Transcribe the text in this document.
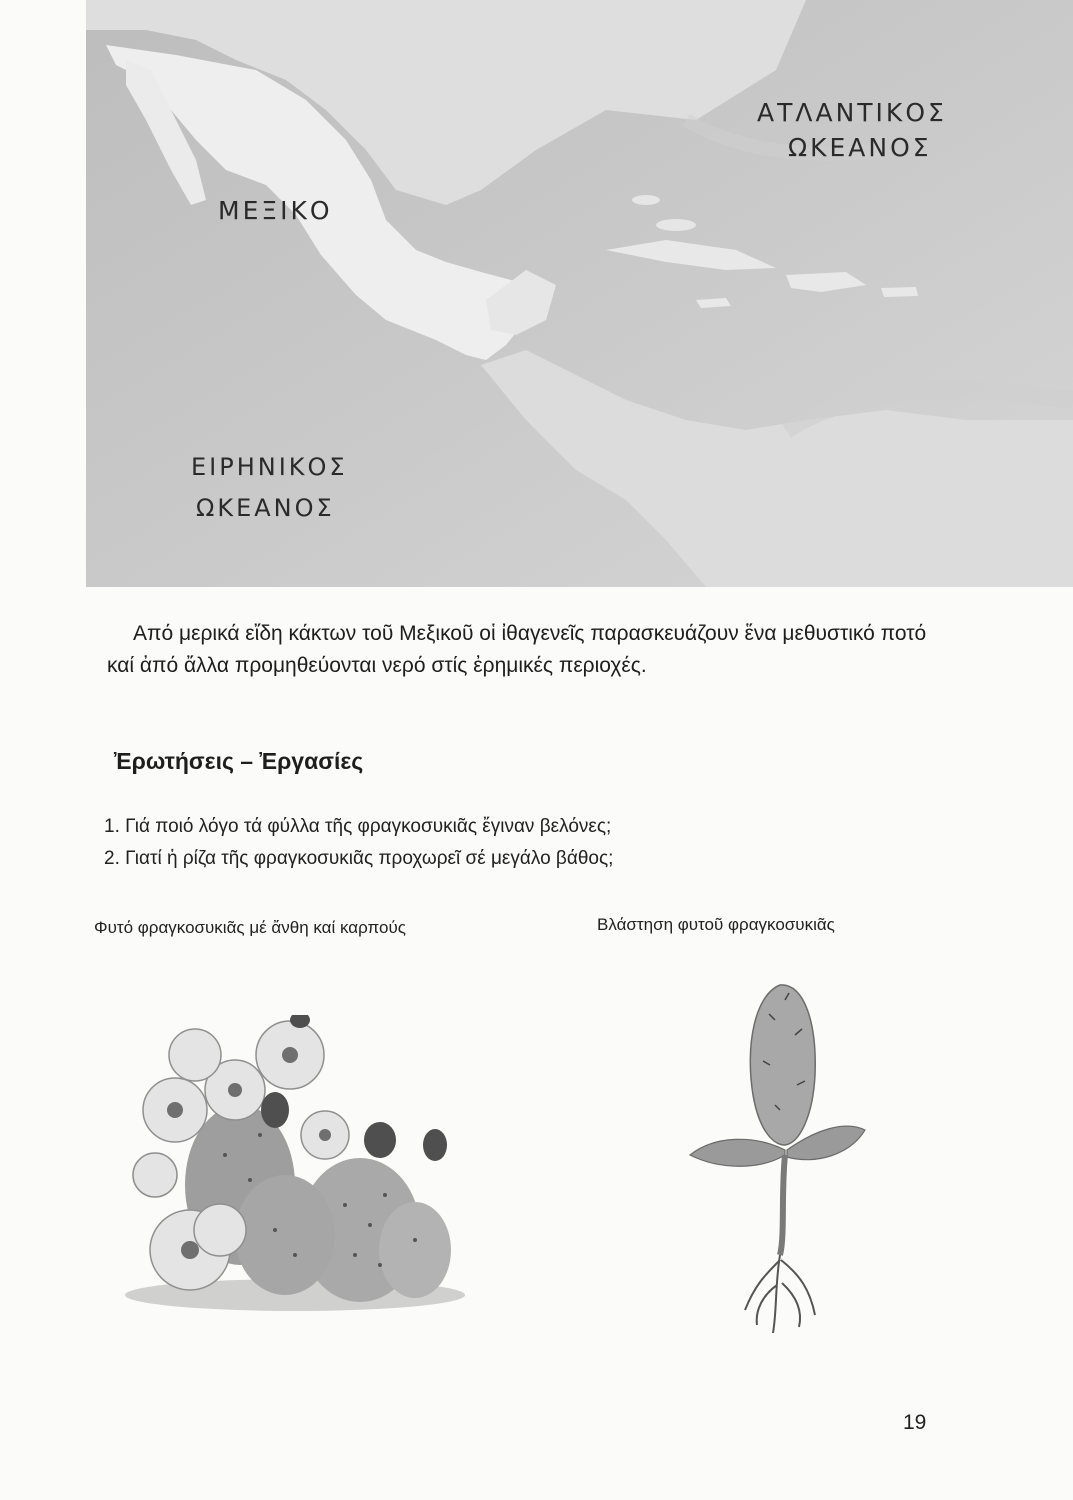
ΜΕΞΙΚΟ
ΑΤΛΑΝΤΙΚΟΣ
ΩΚΕΑΝΟΣ
ΕΙΡΗΝΙΚΟΣ
ΩΚΕΑΝΟΣ

Από μερικά εἴδη κάκτων τοῦ Μεξικοῦ οἱ ἰθαγενεῖς παρασκευάζουν ἕνα μεθυστικό ποτό καί ἀπό ἄλλα προμηθεύονται νερό στίς ἐρημικές περιοχές.

Ἐρωτήσεις – Ἐργασίες
1. Γιά ποιό λόγο τά φύλλα τῆς φραγκοσυκιᾶς ἔγιναν βελόνες;
2. Γιατί ἡ ρίζα τῆς φραγκοσυκιᾶς προχωρεῖ σέ μεγάλο βάθος;

Φυτό φραγκοσυκιᾶς μέ ἄνθη καί καρπούς	Βλάστηση φυτοῦ φραγκοσυκιᾶς

19
